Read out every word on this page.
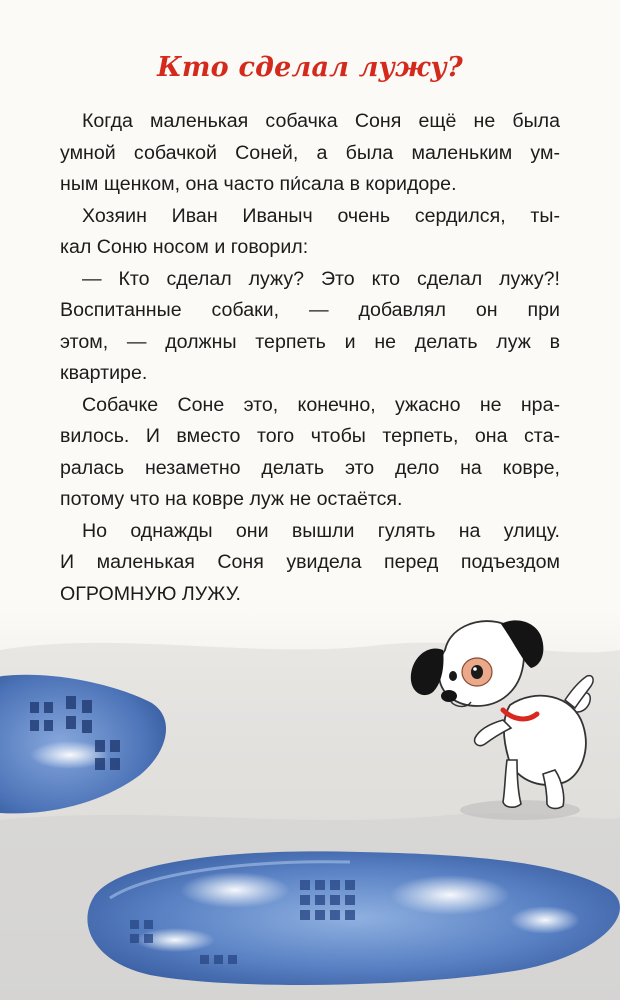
Кто сделал лужу?
Когда маленькая собачка Соня ещё не была
умной собачкой Соней, а была маленьким ум-
ным щенком, она часто пи́сала в коридоре.
Хозяин Иван Иваныч очень сердился, ты-
кал Соню носом и говорил:
— Кто сделал лужу? Это кто сделал лужу?!
Воспитанные собаки, — добавлял он при
этом, — должны терпеть и не делать луж в
квартире.
Собачке Соне это, конечно, ужасно не нра-
вилось. И вместо того чтобы терпеть, она ста-
ралась незаметно делать это дело на ковре,
потому что на ковре луж не остаётся.
Но однажды они вышли гулять на улицу.
И маленькая Соня увидела перед подъездом
ОГРОМНУЮ ЛУЖУ.
